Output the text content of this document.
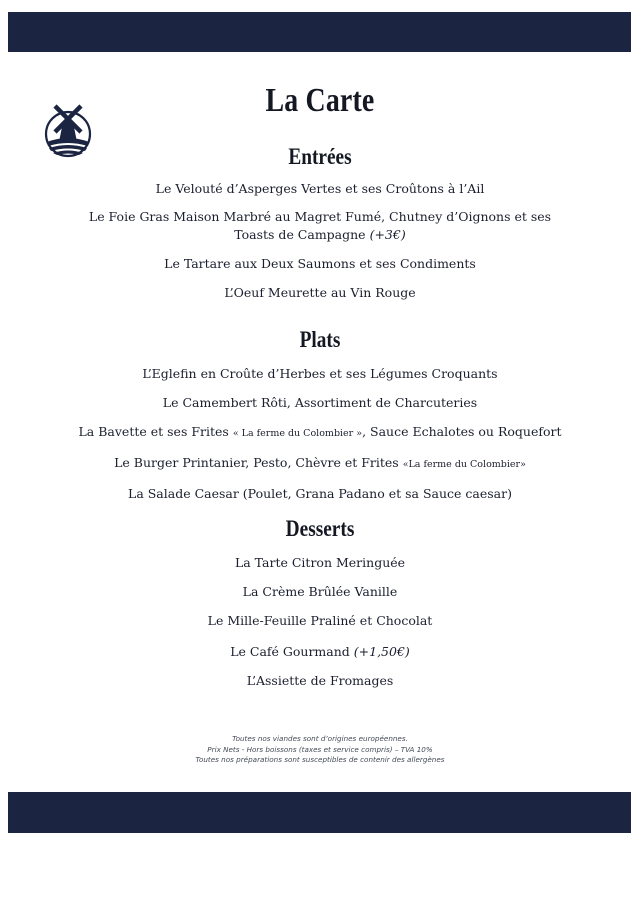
La Carte
Entrées
Le Velouté d’Asperges Vertes et ses Croûtons à l’Ail
Le Foie Gras Maison Marbré au Magret Fumé, Chutney d’Oignons et ses Toasts de Campagne (+3€)
Le Tartare aux Deux Saumons et ses Condiments
L’Oeuf Meurette au Vin Rouge
Plats
L’Eglefin en Croûte d’Herbes et ses Légumes Croquants
Le Camembert Rôti, Assortiment de Charcuteries
La Bavette et ses Frites « La ferme du Colombier », Sauce Echalotes ou Roquefort
Le Burger Printanier, Pesto, Chèvre et Frites «La ferme du Colombier»
La Salade Caesar (Poulet, Grana Padano et sa Sauce caesar)
Desserts
La Tarte Citron Meringuée
La Crème Brûlée Vanille
Le Mille-Feuille Praliné et Chocolat
Le Café Gourmand (+1,50€)
L’Assiette de Fromages
Toutes nos viandes sont d’origines européennes.
Prix Nets - Hors boissons (taxes et service compris) – TVA 10%
Toutes nos préparations sont susceptibles de contenir des allergènes
